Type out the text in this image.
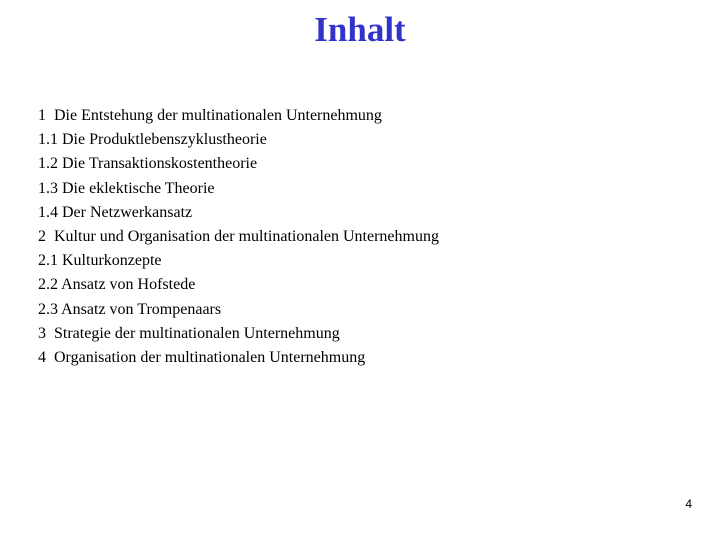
Inhalt
1  Die Entstehung der multinationalen Unternehmung
1.1 Die Produktlebenszyklustheorie
1.2 Die Transaktionskostentheorie
1.3 Die eklektische Theorie
1.4 Der Netzwerkansatz
2  Kultur und Organisation der multinationalen Unternehmung
2.1 Kulturkonzepte
2.2 Ansatz von Hofstede
2.3 Ansatz von Trompenaars
3  Strategie der multinationalen Unternehmung
4  Organisation der multinationalen Unternehmung
4
